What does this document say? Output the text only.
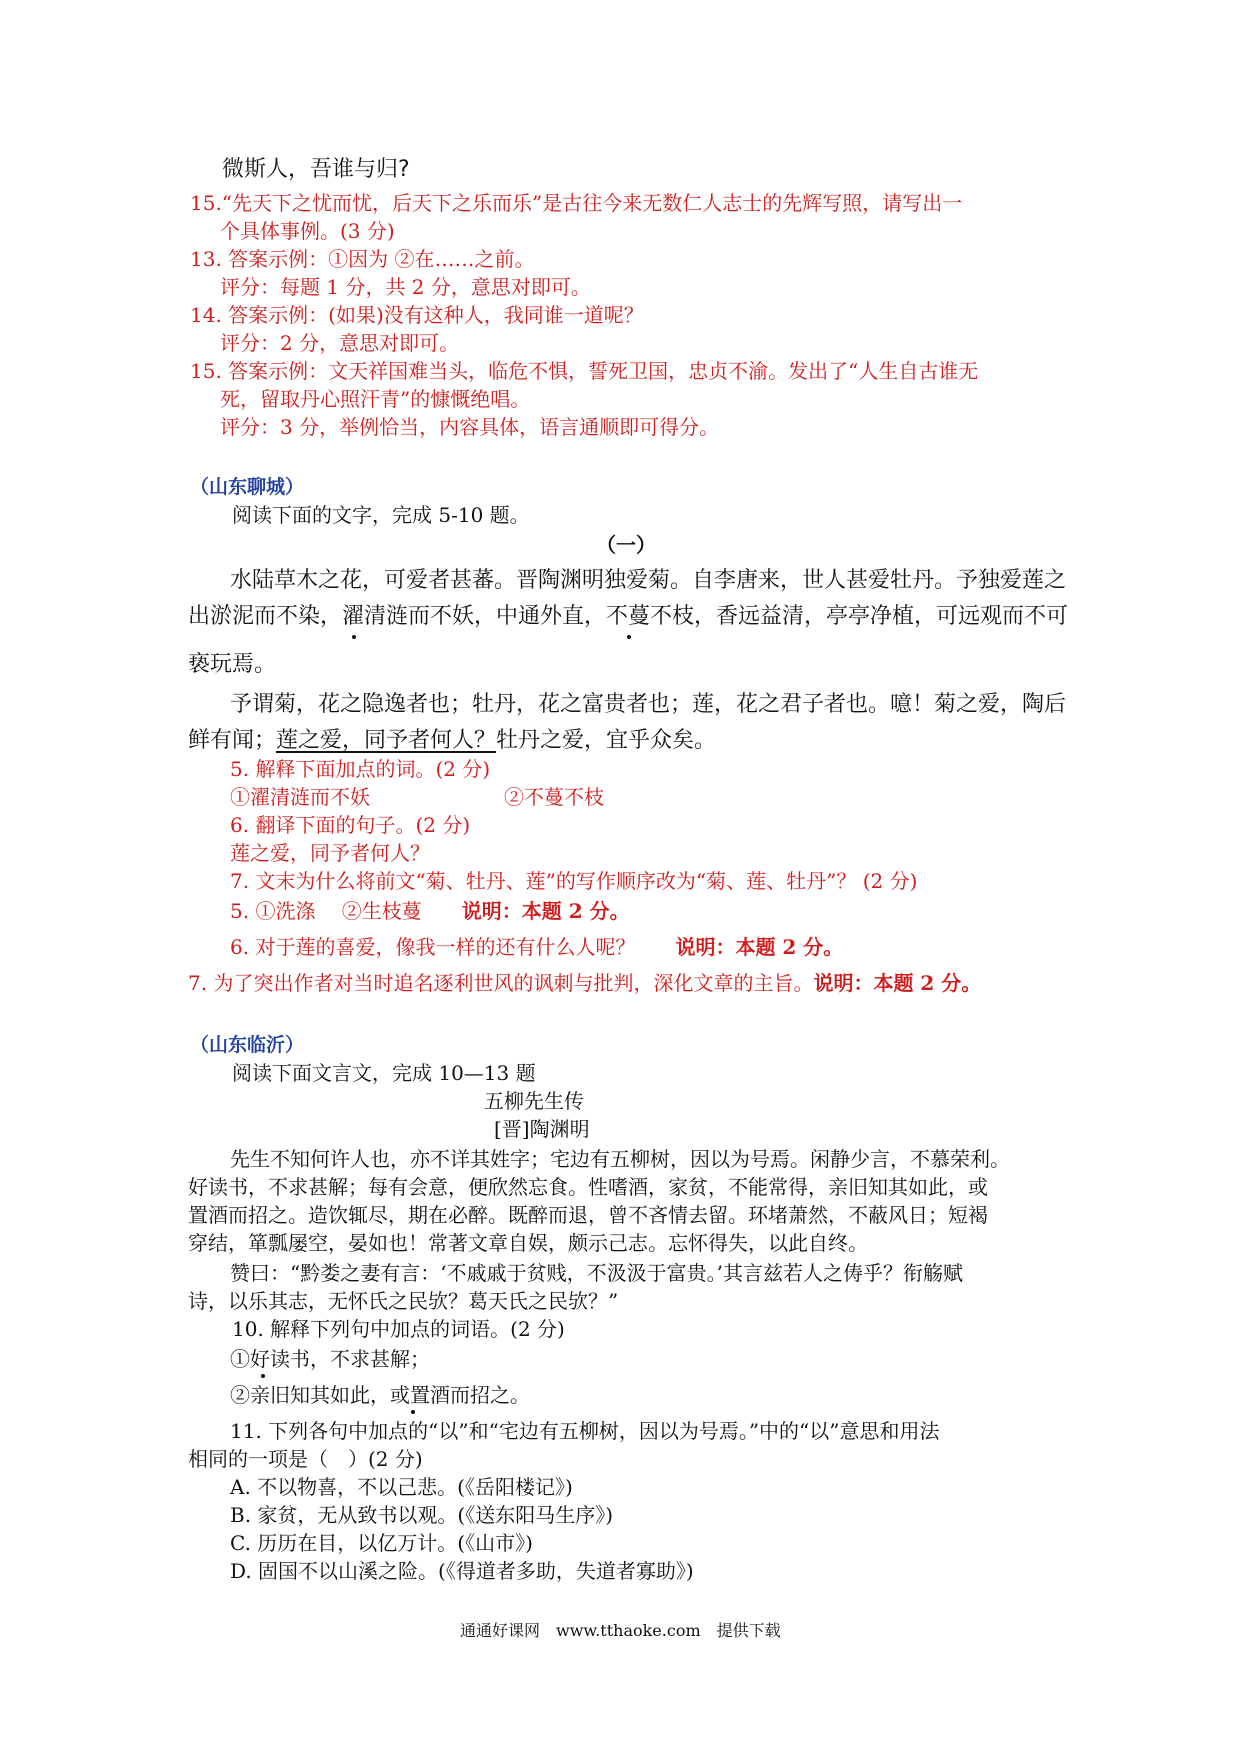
微斯人，吾谁与归?
15.“先天下之忧而忧，后天下之乐而乐”是古往今来无数仁人志士的先辉写照，请写出一
个具体事例。(3 分)
13. 答案示例：①因为 ②在……之前。
评分：每题 1 分，共 2 分，意思对即可。
14. 答案示例：(如果)没有这种人，我同谁一道呢？
评分：2 分，意思对即可。
15. 答案示例：文天祥国难当头，临危不惧，誓死卫国，忠贞不渝。发出了“人生自古谁无
死，留取丹心照汗青”的慷慨绝唱。
评分：3 分，举例恰当，内容具体，语言通顺即可得分。
（山东聊城）
阅读下面的文字，完成 5-10 题。
（一）
水陆草木之花，可爱者甚蕃。晋陶渊明独爱菊。自李唐来，世人甚爱牡丹。予独爱莲之
出淤泥而不染，濯清涟而不妖，中通外直，不蔓不枝，香远益清，亭亭净植，可远观而不可
亵玩焉。
予谓菊，花之隐逸者也；牡丹，花之富贵者也；莲，花之君子者也。噫！菊之爱，陶后
鲜有闻；莲之爱，同予者何人？牡丹之爱，宜乎众矣。
5. 解释下面加点的词。(2 分)
①濯清涟而不妖	②不蔓不枝
6. 翻译下面的句子。(2 分)
莲之爱，同予者何人？
7. 文末为什么将前文“菊、牡丹、莲”的写作顺序改为“菊、莲、牡丹”？ (2 分)
5. ①洗涤　 ②生枝蔓　　 说明：本题 2 分。
6. 对于莲的喜爱，像我一样的还有什么人呢？　　 说明：本题 2 分。
7. 为了突出作者对当时追名逐利世风的讽刺与批判，深化文章的主旨。说明：本题 2 分。
（山东临沂）
阅读下面文言文，完成 10—13 题
五柳先生传
[晋]陶渊明
先生不知何许人也，亦不详其姓字；宅边有五柳树，因以为号焉。闲静少言，不慕荣利。
好读书，不求甚解；每有会意，便欣然忘食。性嗜酒，家贫，不能常得，亲旧知其如此，或
置酒而招之。造饮辄尽，期在必醉。既醉而退，曾不吝情去留。环堵萧然，不蔽风日；短褐
穿结，箪瓢屡空，晏如也！常著文章自娱，颇示己志。忘怀得失，以此自终。
赞曰：“黔娄之妻有言：‘不戚戚于贫贱，不汲汲于富贵。’其言兹若人之俦乎？衔觞赋
诗，以乐其志，无怀氏之民欤？葛天氏之民欤？”
10. 解释下列句中加点的词语。(2 分)
①好读书，不求甚解；
②亲旧知其如此，或置酒而招之。
11. 下列各句中加点的“以”和“宅边有五柳树，因以为号焉。”中的“以”意思和用法
相同的一项是（　）(2 分)
A. 不以物喜，不以己悲。(《岳阳楼记》)
B. 家贫，无从致书以观。(《送东阳马生序》)
C. 历历在目，以亿万计。(《山市》)
D. 固国不以山溪之险。(《得道者多助，失道者寡助》)
通通好课网　www.tthaoke.com　提供下载
